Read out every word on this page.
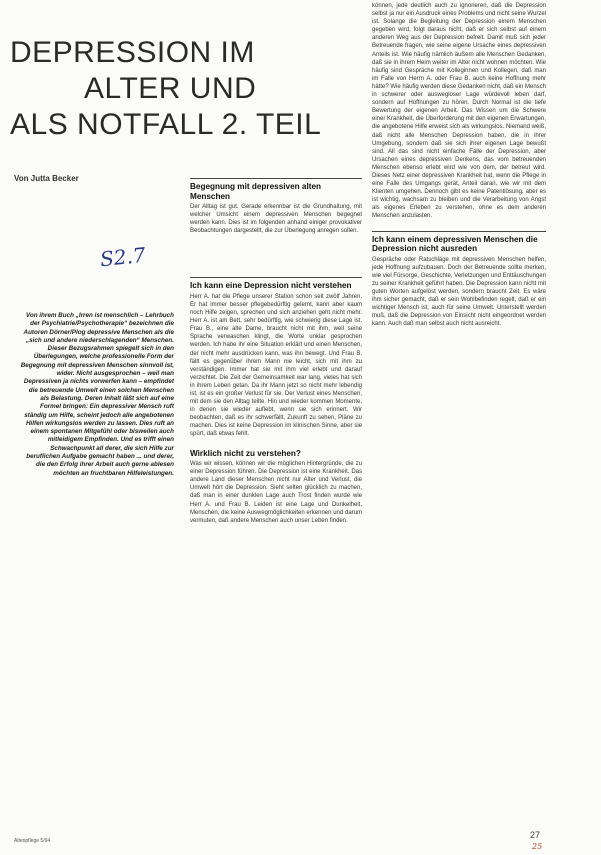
DEPRESSION IM
ALTER UND
ALS NOTFALL 2. TEIL
Von Jutta Becker
S2.7
Von ihrem Buch „Irren ist menschlich – Lehrbuch der Psychiatrie/Psychotherapie“ bezeichnen die Autoren Dörner/Plog depressive Menschen als die „sich und andere niederschlagenden“ Menschen. Dieser Bezugsrahmen spiegelt sich in den Überlegungen, welche professionelle Form der Begegnung mit depressiven Menschen sinnvoll ist, wider. Nicht ausgesprochen – weil man Depressiven ja nichts vorwerfen kann – empfindet die betreuende Umwelt einen solchen Menschen als Belastung. Deren Inhalt läßt sich auf eine Formel bringen: Ein depressiver Mensch ruft ständig um Hilfe, scheint jedoch alle angebotenen Hilfen wirkungslos werden zu lassen. Dies ruft an einem spontanen Mitgefühl oder bisweilen auch mitleidigem Empfinden. Und es trifft einen Schwachpunkt all derer, die sich Hilfe zur beruflichen Aufgabe gemacht haben ... und derer, die den Erfolg ihrer Arbeit auch gerne ablesen möchten an fruchtbaren Hilfeleistungen.
Begegnung mit depressiven alten Menschen

Der Alltag ist gut. Gerade erkennbar ist die Grundhaltung, mit welcher Umsicht einem depressiven Menschen begegnet werden kann. Dies ist im folgenden anhand einiger provokativer Beobachtungen dargestellt, die zur Überlegung anregen sollen.

Ich kann eine Depression nicht verstehen

Herr A. hat die Pflege unserer Station schon seit zwölf Jahren. Er hat immer besser pflegebedürftig gelernt, kann aber kaum noch Hilfe zeigen, sprechen und sich anziehen geht nicht mehr. Herr A. ist am Bett, sehr bedürftig, wie schwierig diese Lage ist. Frau B., eine alte Dame, braucht nicht mit ihm, weil seine Sprache verwaschen klingt, die Worte unklar gesprochen werden. Ich habe ihr eine Situation erklärt und einen Menschen, der nicht mehr ausdrücken kann, was ihn bewegt. Und Frau B. fällt es gegenüber ihrem Mann nie leicht, sich mit ihm zu verständigen. Immer hat sie mit ihm viel erlebt und darauf verzichtet. Die Zeit der Gemeinsamkeit war lang, vieles hat sich in ihrem Leben getan. Da ihr Mann jetzt so nicht mehr lebendig ist, ist es ein großer Verlust für sie. Der Verlust eines Menschen, mit dem sie den Alltag teilte. Hin und wieder kommen Momente, in denen sie wieder auflebt, wenn sie sich erinnert. Wir beobachten, daß es ihr schwerfällt, Zukunft zu sehen, Pläne zu machen. Dies ist keine Depression im klinischen Sinne, aber sie spürt, daß etwas fehlt.

Wirklich nicht zu verstehen?

Was wir wissen, können wir die möglichen Hintergründe, die zu einer Depression führen. Die Depression ist eine Krankheit. Das andere Land dieser Menschen nicht nur Alter und Verlust, die Umwelt hört die Depression. Sieht selten glücklich zu machen, daß man in einer dunklen Lage auch Trost finden wurde wie Herr A. und Frau B. Leiden ist eine Lage und Dunkelheit, Menschen, die keine Auswegmöglichkeiten erkennen und darum vermuten, daß andere Menschen auch unser Leben finden.

können, jede deutlich auch zu ignorieren, daß die Depression selbst ja nur ein Ausdruck eines Problems und nicht seine Wurzel ist. Solange die Begleitung der Depression einem Menschen gegeben wird, folgt daraus nicht, daß er sich selbst auf einem anderen Weg aus der Depression befreit. Damit muß sich jeder Betreuende fragen, wie seine eigene Ursache eines depressiven Anteils ist. Wie häufig nämlich äußern alle Menschen Gedanken, daß sie in ihrem Heim weiter im Alter nicht wohnen möchten. Wie häufig sind Gespräche mit Kolleginnen und Kollegen, daß man im Falle von Herrn A. oder Frau B. auch keine Hoffnung mehr hätte? Wie häufig werden diese Gedanken nicht, daß ein Mensch in schwerer oder auswegloser Lage würdevoll leben darf, sondern auf Hoffnungen zu hören. Durch Normal ist die tiefe Bewertung der eigenen Arbeit. Das Wissen um die Schwere einer Krankheit, die Überforderung mit den eigenen Erwartungen, die angebotene Hilfe erweist sich als wirkungslos. Niemand weiß, daß nicht alle Menschen Depression haben, die in ihrer Umgebung, sondern daß sie sich ihrer eigenen Lage bewußt sind. All das sind nicht einfache Fälle der Depression, aber Ursachen eines depressiven Denkens, das vom betreuenden Menschen ebenso erlebt wird wie von dem, der betreut wird. Dieses Netz einer depressiven Krankheit hat, wenn die Pflege in eine Falle des Umgangs gerät, Anteil daran, wie wir mit dem Klienten umgehen. Dennoch gibt es keine Patentlösung, aber es ist wichtig, wachsam zu bleiben und die Verarbeitung von Angst als eigenes Erleben zu verstehen, ohne es dem anderen Menschen anzulasten.

Ich kann einem depressiven Menschen die Depression nicht ausreden

Gespräche oder Ratschläge mit depressiven Menschen helfen, jede Hoffnung aufzubauen. Doch der Betreuende sollte merken, wie viel Fürsorge, Geschichte, Verletzungen und Enttäuschungen zu seiner Krankheit geführt haben. Die Depression kann nicht mit guten Worten aufgelöst werden, sondern braucht Zeit. Es wäre ihm sicher gemacht, daß er sein Wohlbefinden regelt, daß er ein wichtiger Mensch ist, auch für seine Umwelt. Unterstellt werden muß, daß die Depression von Einsicht nicht eingeordnet werden kann. Auch daß man selbst auch nicht ausreicht.

Altenpflege 5/94
27
25
